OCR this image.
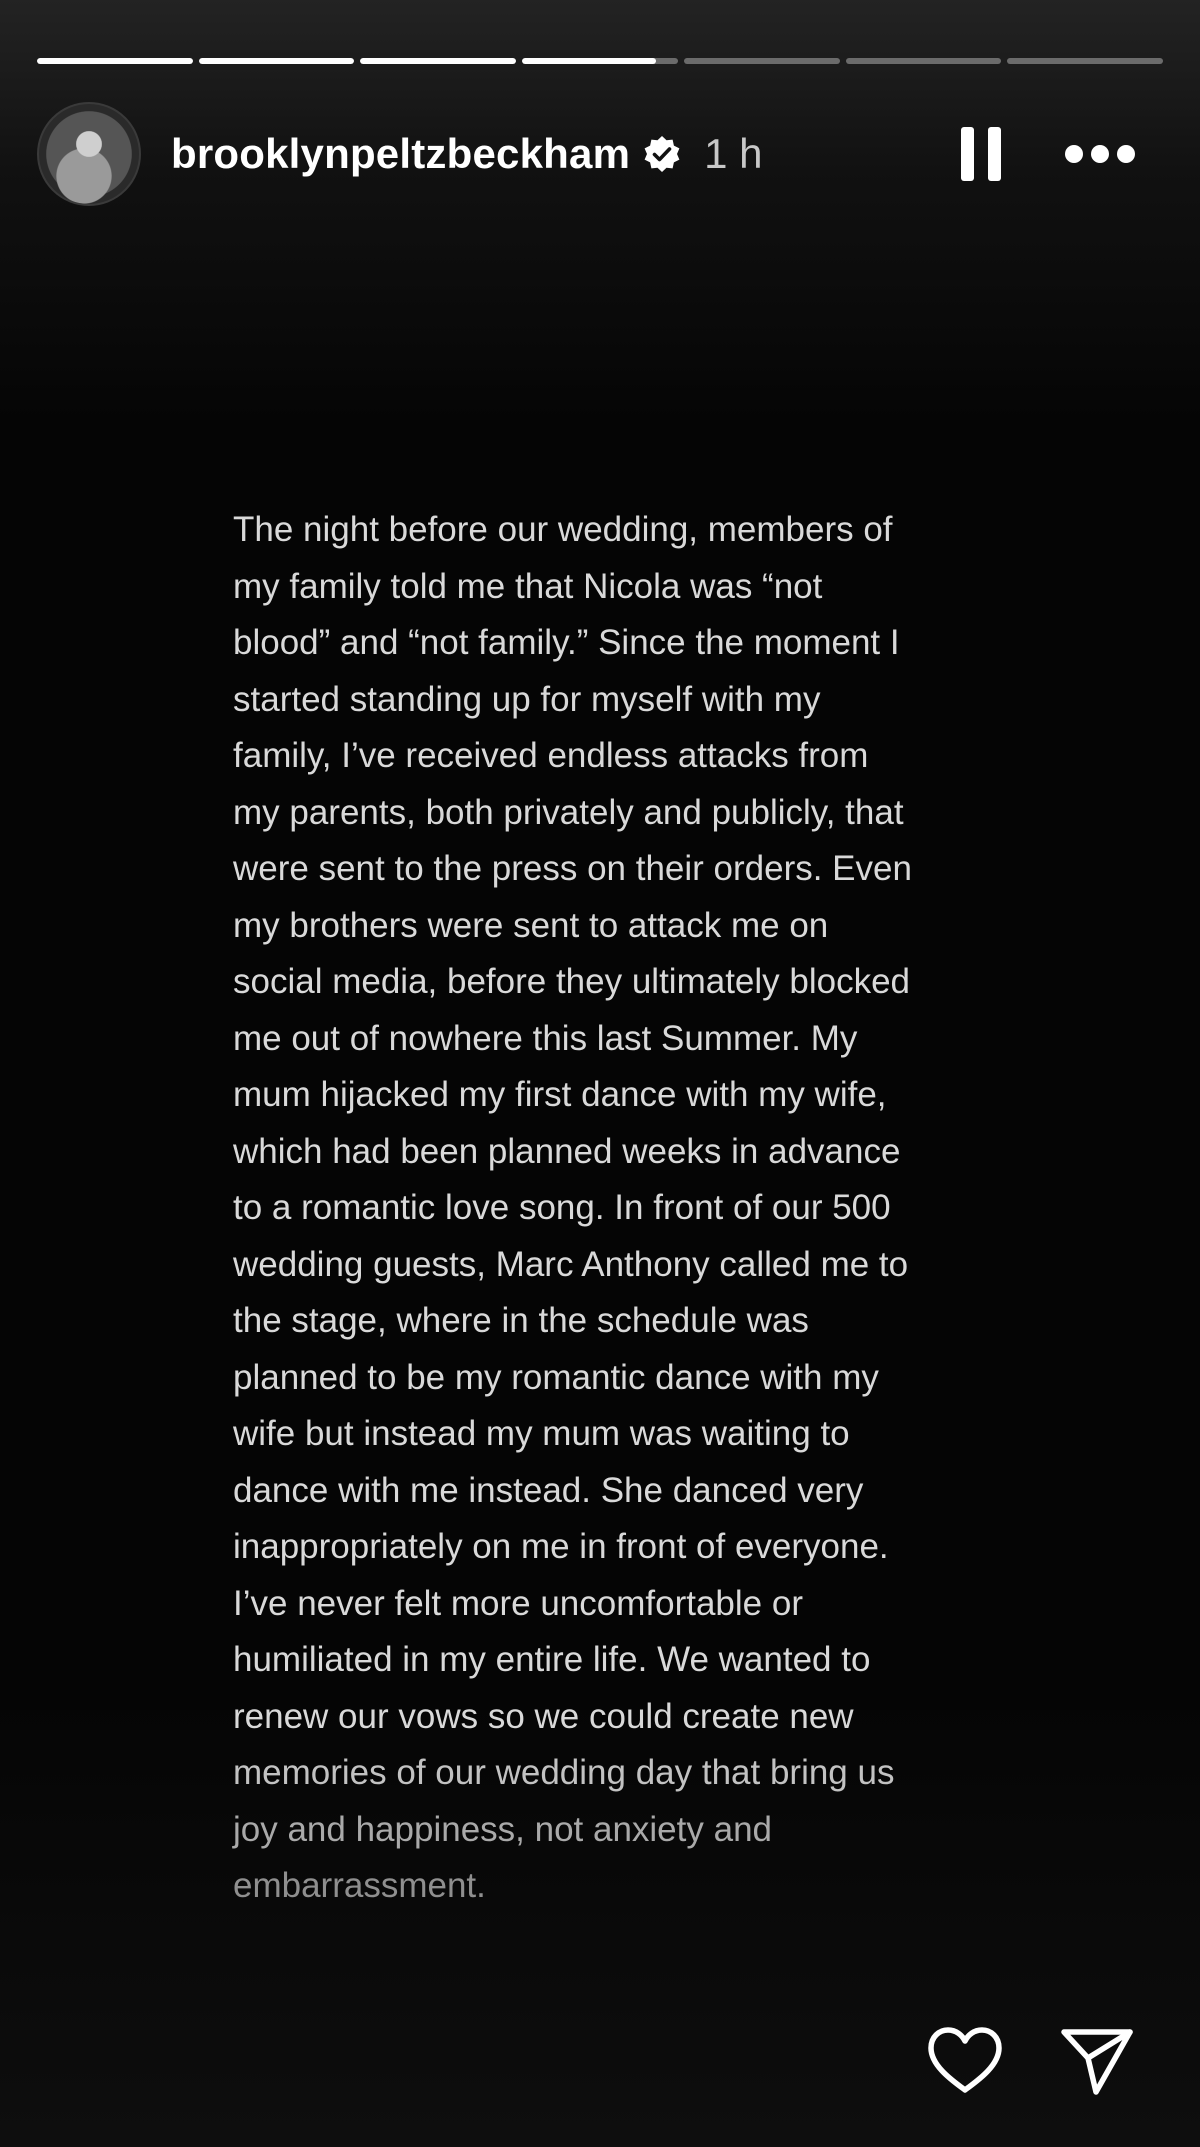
brooklynpeltzbeckham 1 h

The night before our wedding, members of
my family told me that Nicola was “not
blood” and “not family.” Since the moment I
started standing up for myself with my
family, I’ve received endless attacks from
my parents, both privately and publicly, that
were sent to the press on their orders. Even
my brothers were sent to attack me on
social media, before they ultimately blocked
me out of nowhere this last Summer. My
mum hijacked my first dance with my wife,
which had been planned weeks in advance
to a romantic love song. In front of our 500
wedding guests, Marc Anthony called me to
the stage, where in the schedule was
planned to be my romantic dance with my
wife but instead my mum was waiting to
dance with me instead. She danced very
inappropriately on me in front of everyone.
I’ve never felt more uncomfortable or
humiliated in my entire life. We wanted to
renew our vows so we could create new
memories of our wedding day that bring us
joy and happiness, not anxiety and
embarrassment.
